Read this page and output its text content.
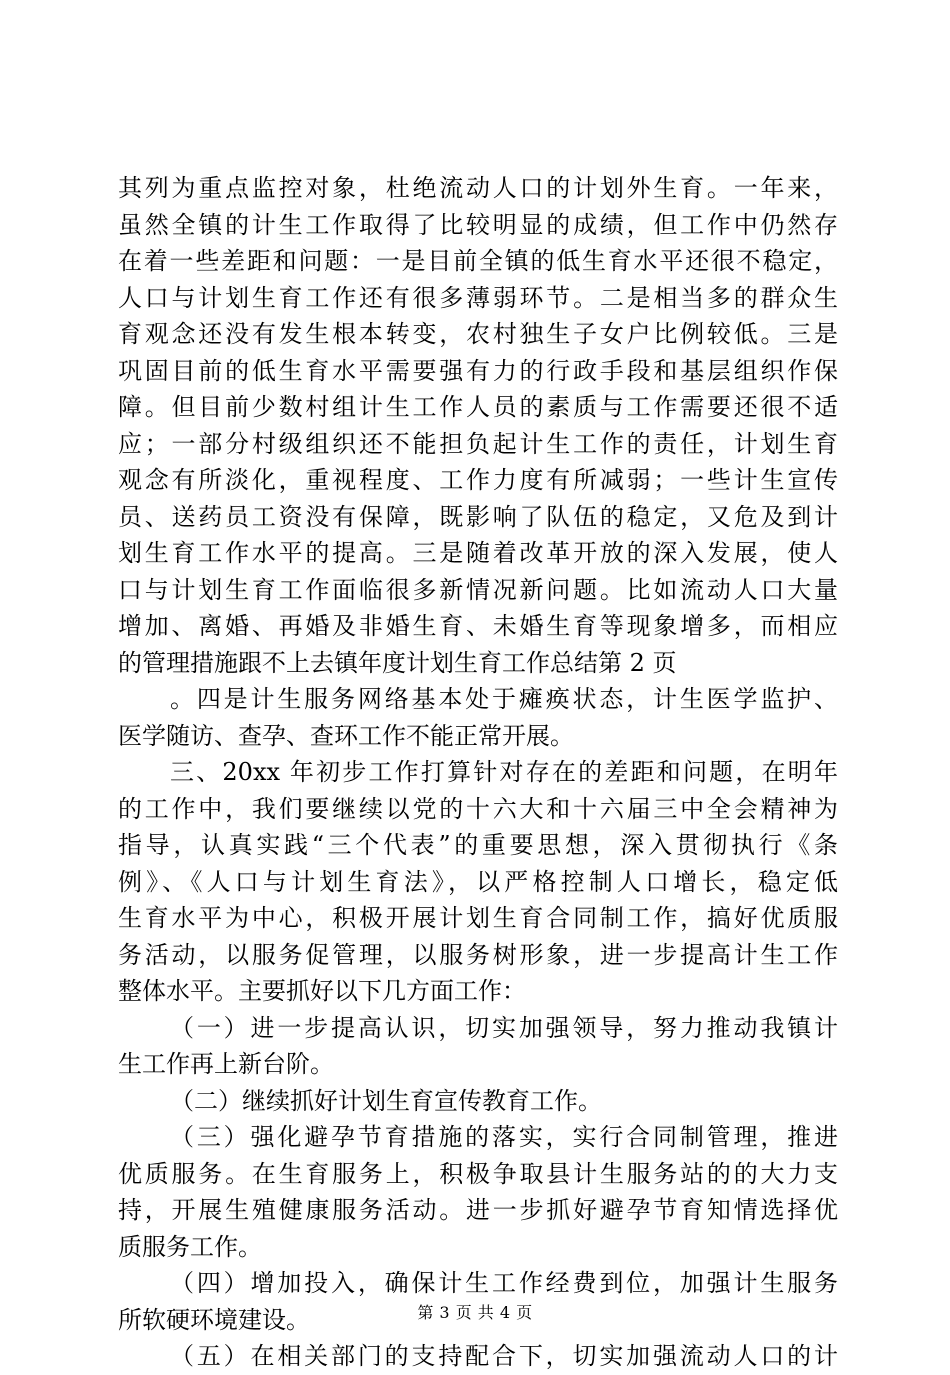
其列为重点监控对象，杜绝流动人口的计划外生育。一年来，
虽然全镇的计生工作取得了比较明显的成绩，但工作中仍然存
在着一些差距和问题：一是目前全镇的低生育水平还很不稳定，
人口与计划生育工作还有很多薄弱环节。二是相当多的群众生
育观念还没有发生根本转变，农村独生子女户比例较低。三是
巩固目前的低生育水平需要强有力的行政手段和基层组织作保
障。但目前少数村组计生工作人员的素质与工作需要还很不适
应；一部分村级组织还不能担负起计生工作的责任，计划生育
观念有所淡化，重视程度、工作力度有所减弱；一些计生宣传
员、送药员工资没有保障，既影响了队伍的稳定，又危及到计
划生育工作水平的提高。三是随着改革开放的深入发展，使人
口与计划生育工作面临很多新情况新问题。比如流动人口大量
增加、离婚、再婚及非婚生育、未婚生育等现象增多，而相应
的管理措施跟不上去镇年度计划生育工作总结第 2 页
。四是计生服务网络基本处于瘫痪状态，计生医学监护、
医学随访、查孕、查环工作不能正常开展。
三、20xx 年初步工作打算针对存在的差距和问题，在明年
的工作中，我们要继续以党的十六大和十六届三中全会精神为
指导，认真实践“三个代表”的重要思想，深入贯彻执行《条
例》、《人口与计划生育法》，以严格控制人口增长，稳定低
生育水平为中心，积极开展计划生育合同制工作，搞好优质服
务活动，以服务促管理，以服务树形象，进一步提高计生工作
整体水平。主要抓好以下几方面工作：
（一）进一步提高认识，切实加强领导，努力推动我镇计
生工作再上新台阶。
（二）继续抓好计划生育宣传教育工作。
（三）强化避孕节育措施的落实，实行合同制管理，推进
优质服务。在生育服务上，积极争取县计生服务站的的大力支
持，开展生殖健康服务活动。进一步抓好避孕节育知情选择优
质服务工作。
（四）增加投入，确保计生工作经费到位，加强计生服务
所软硬环境建设。
（五）在相关部门的支持配合下，切实加强流动人口的计
第 3 页 共 4 页
